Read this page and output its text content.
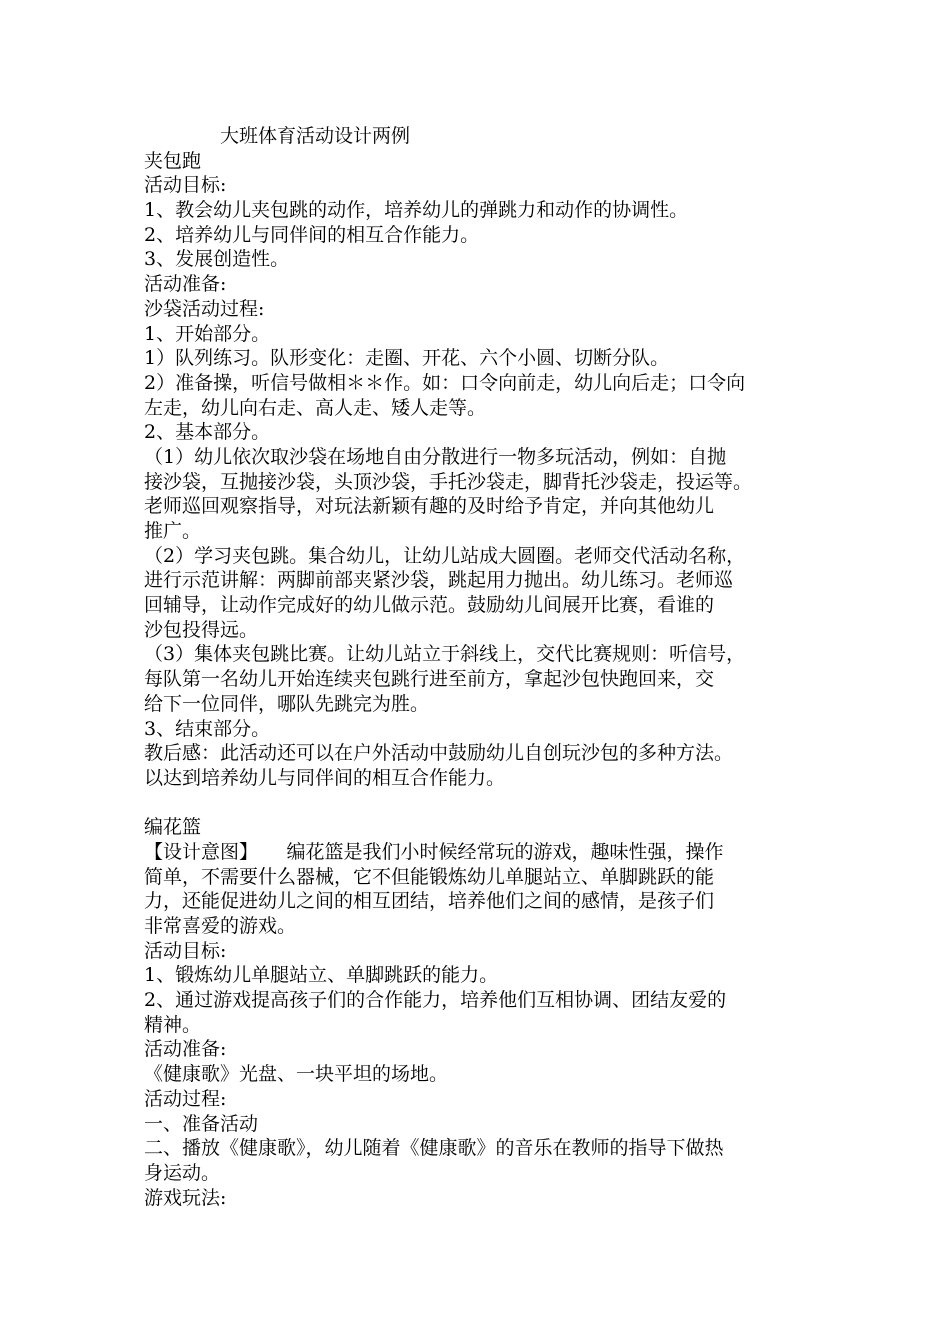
大班体育活动设计两例
夹包跑
活动目标:
1、教会幼儿夹包跳的动作，培养幼儿的弹跳力和动作的协调性。
2、培养幼儿与同伴间的相互合作能力。
3、发展创造性。
活动准备:
沙袋活动过程:
1、开始部分。
1）队列练习。队形变化：走圈、开花、六个小圆、切断分队。
2）准备操，听信号做相＊＊作。如：口令向前走，幼儿向后走；口令向
左走，幼儿向右走、高人走、矮人走等。
2、基本部分。
（1）幼儿依次取沙袋在场地自由分散进行一物多玩活动，例如：自抛
接沙袋，互抛接沙袋，头顶沙袋，手托沙袋走，脚背托沙袋走，投运等。
老师巡回观察指导，对玩法新颖有趣的及时给予肯定，并向其他幼儿
推广。
（2）学习夹包跳。集合幼儿，让幼儿站成大圆圈。老师交代活动名称，
进行示范讲解：两脚前部夹紧沙袋，跳起用力抛出。幼儿练习。老师巡
回辅导，让动作完成好的幼儿做示范。鼓励幼儿间展开比赛，看谁的
沙包投得远。
（3）集体夹包跳比赛。让幼儿站立于斜线上，交代比赛规则：听信号，
每队第一名幼儿开始连续夹包跳行进至前方，拿起沙包快跑回来，交
给下一位同伴，哪队先跳完为胜。
3、结束部分。
教后感：此活动还可以在户外活动中鼓励幼儿自创玩沙包的多种方法。
以达到培养幼儿与同伴间的相互合作能力。
编花篮
【设计意图】　　编花篮是我们小时候经常玩的游戏，趣味性强，操作
简单，不需要什么器械，它不但能锻炼幼儿单腿站立、单脚跳跃的能
力，还能促进幼儿之间的相互团结，培养他们之间的感情，是孩子们
非常喜爱的游戏。
活动目标:
1、锻炼幼儿单腿站立、单脚跳跃的能力。
2、通过游戏提高孩子们的合作能力，培养他们互相协调、团结友爱的
精神。
活动准备:
《健康歌》光盘、一块平坦的场地。
活动过程:
一、准备活动
二、播放《健康歌》，幼儿随着《健康歌》的音乐在教师的指导下做热
身运动。
游戏玩法:
